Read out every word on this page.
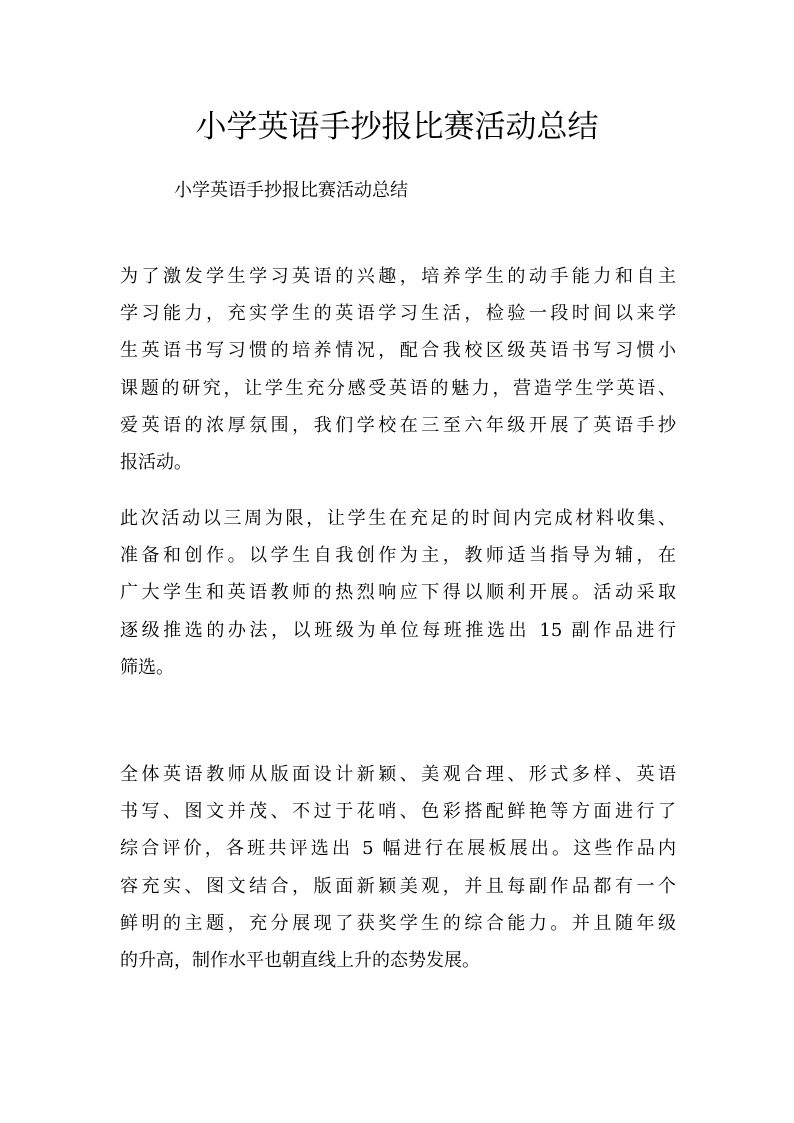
小学英语手抄报比赛活动总结
小学英语手抄报比赛活动总结
为了激发学生学习英语的兴趣，培养学生的动手能力和自主
学习能力，充实学生的英语学习生活，检验一段时间以来学
生英语书写习惯的培养情况，配合我校区级英语书写习惯小
课题的研究，让学生充分感受英语的魅力，营造学生学英语、
爱英语的浓厚氛围，我们学校在三至六年级开展了英语手抄
报活动。
此次活动以三周为限，让学生在充足的时间内完成材料收集、
准备和创作。以学生自我创作为主，教师适当指导为辅，在
广大学生和英语教师的热烈响应下得以顺利开展。活动采取
逐级推选的办法，以班级为单位每班推选出 15 副作品进行
筛选。
全体英语教师从版面设计新颖、美观合理、形式多样、英语
书写、图文并茂、不过于花哨、色彩搭配鲜艳等方面进行了
综合评价，各班共评选出 5 幅进行在展板展出。这些作品内
容充实、图文结合，版面新颖美观，并且每副作品都有一个
鲜明的主题，充分展现了获奖学生的综合能力。并且随年级
的升高，制作水平也朝直线上升的态势发展。
